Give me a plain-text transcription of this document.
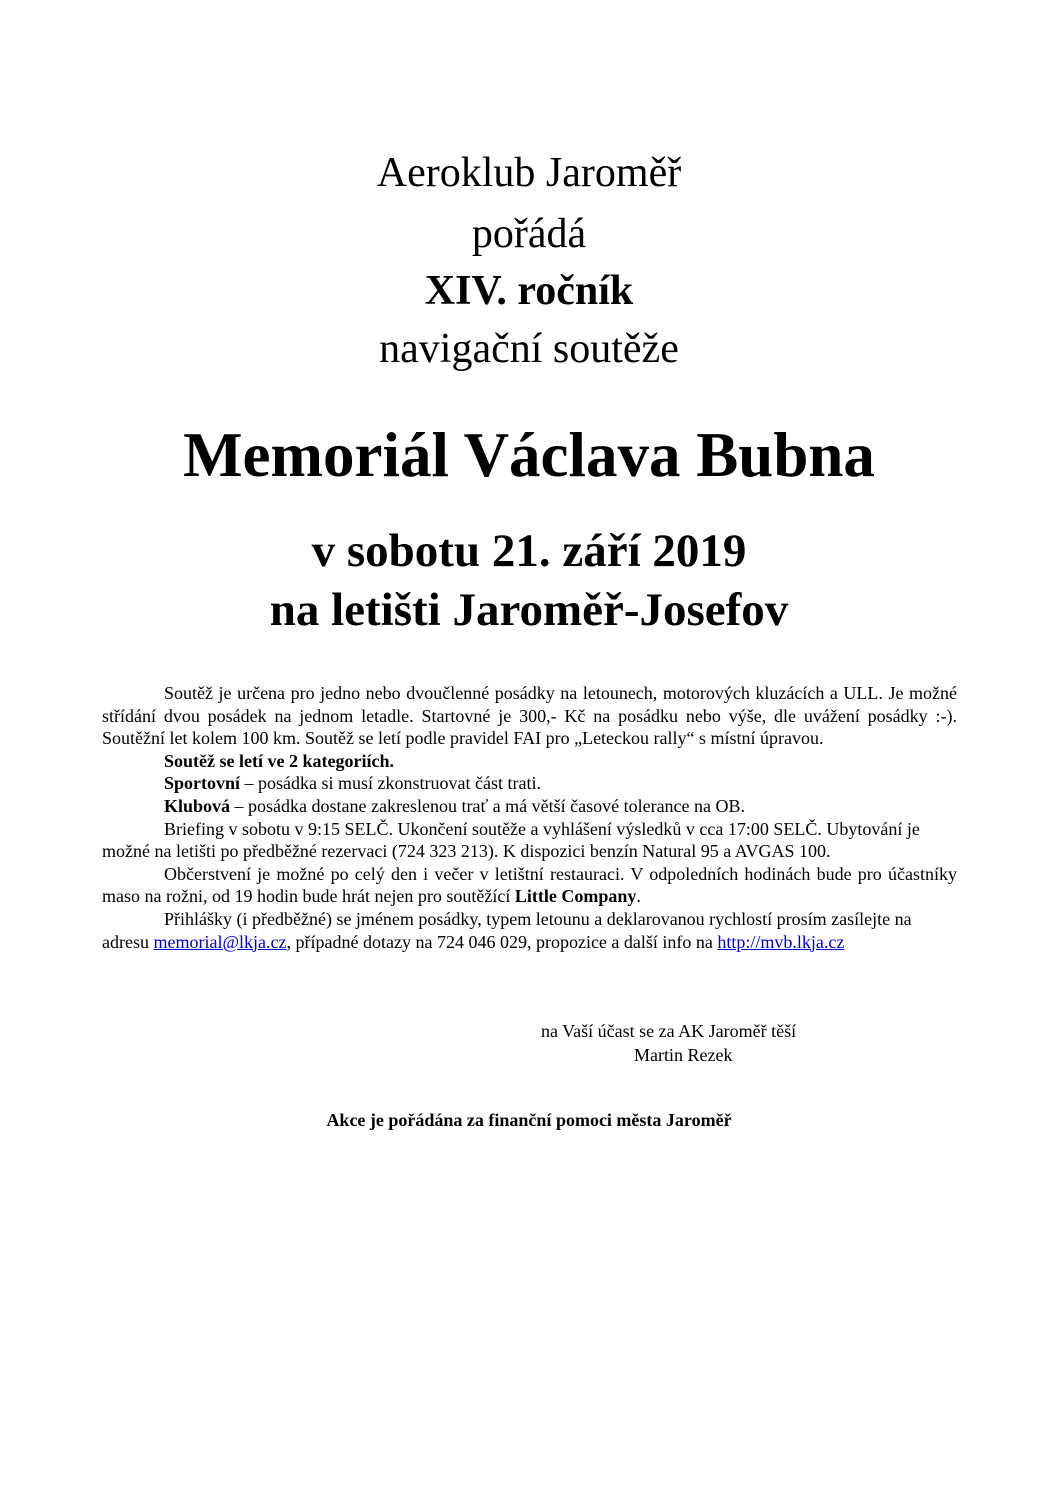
Aeroklub Jaroměř
pořádá
XIV. ročník
navigační soutěže
Memoriál Václava Bubna
v sobotu 21. září 2019
na letišti Jaroměř-Josefov

Soutěž je určena pro jedno nebo dvoučlenné posádky na letounech, motorových kluzácích a ULL. Je možné střídání dvou posádek na jednom letadle. Startovné je 300,- Kč na posádku nebo výše, dle uvážení posádky :-). Soutěžní let kolem 100 km. Soutěž se letí podle pravidel FAI pro „Leteckou rally“ s místní úpravou.

Soutěž se letí ve 2 kategoriích.

Sportovní – posádka si musí zkonstruovat část trati.

Klubová – posádka dostane zakreslenou trať a má větší časové tolerance na OB.

Briefing v sobotu v 9:15 SELČ. Ukončení soutěže a vyhlášení výsledků v cca 17:00 SELČ. Ubytování je možné na letišti po předběžné rezervaci (724 323 213). K dispozici benzín Natural 95 a AVGAS 100.

Občerstvení je možné po celý den i večer v letištní restauraci. V odpoledních hodinách bude pro účastníky maso na rožni, od 19 hodin bude hrát nejen pro soutěžící Little Company.

Přihlášky (i předběžné) se jménem posádky, typem letounu a deklarovanou rychlostí prosím zasílejte na adresu memorial@lkja.cz, případné dotazy na 724 046 029, propozice a další info na http://mvb.lkja.cz

na Vaší účast se za AK Jaroměř těší
Martin Rezek
Akce je pořádána za finanční pomoci města Jaroměř
